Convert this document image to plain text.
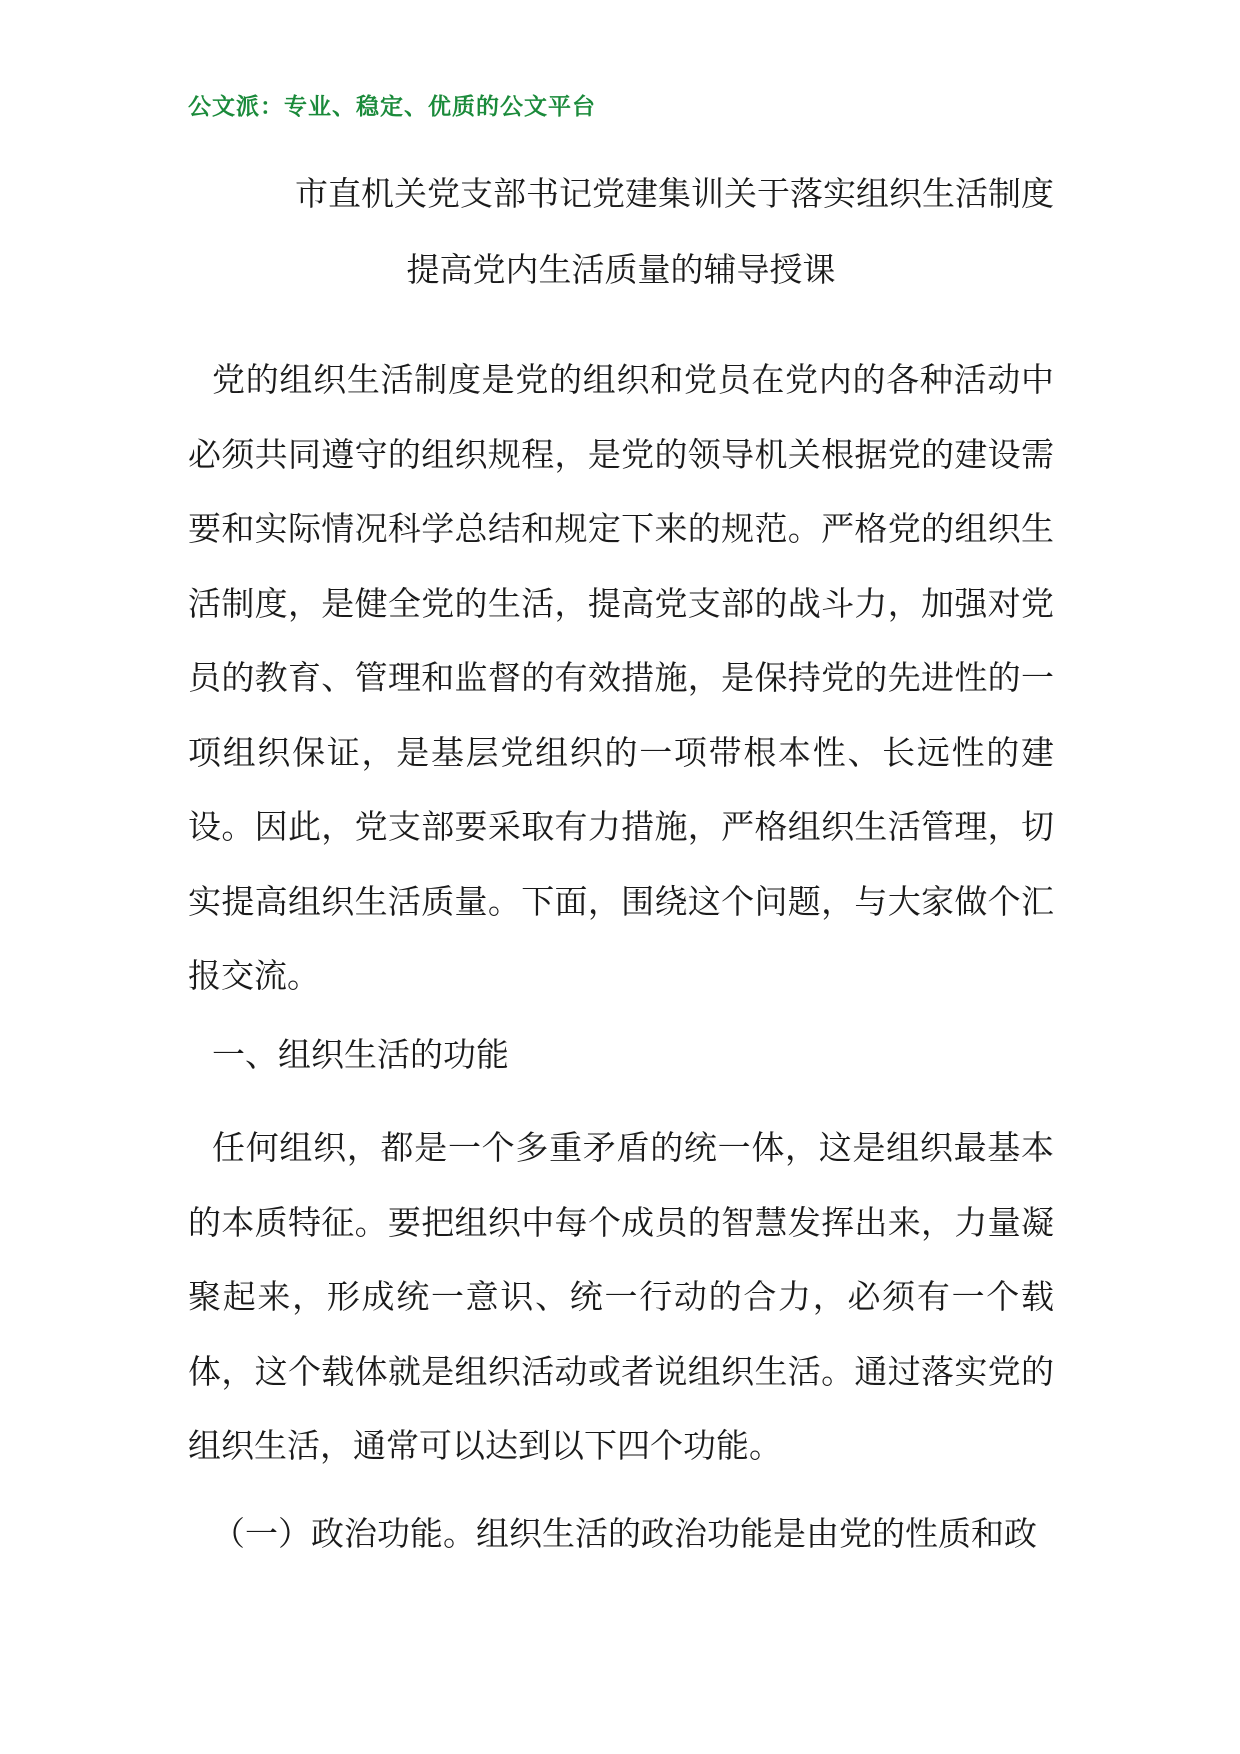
公文派：专业、稳定、优质的公文平台
市直机关党支部书记党建集训关于落实组织生活制度
提高党内生活质量的辅导授课

党的组织生活制度是党的组织和党员在党内的各种活动中必须共同遵守的组织规程，是党的领导机关根据党的建设需要和实际情况科学总结和规定下来的规范。严格党的组织生活制度，是健全党的生活，提高党支部的战斗力，加强对党员的教育、管理和监督的有效措施，是保持党的先进性的一项组织保证，是基层党组织的一项带根本性、长远性的建设。因此，党支部要采取有力措施，严格组织生活管理，切实提高组织生活质量。下面，围绕这个问题，与大家做个汇报交流。

一、组织生活的功能

任何组织，都是一个多重矛盾的统一体，这是组织最基本的本质特征。要把组织中每个成员的智慧发挥出来，力量凝聚起来，形成统一意识、统一行动的合力，必须有一个载体，这个载体就是组织活动或者说组织生活。通过落实党的组织生活，通常可以达到以下四个功能。

（一）政治功能。组织生活的政治功能是由党的性质和政
